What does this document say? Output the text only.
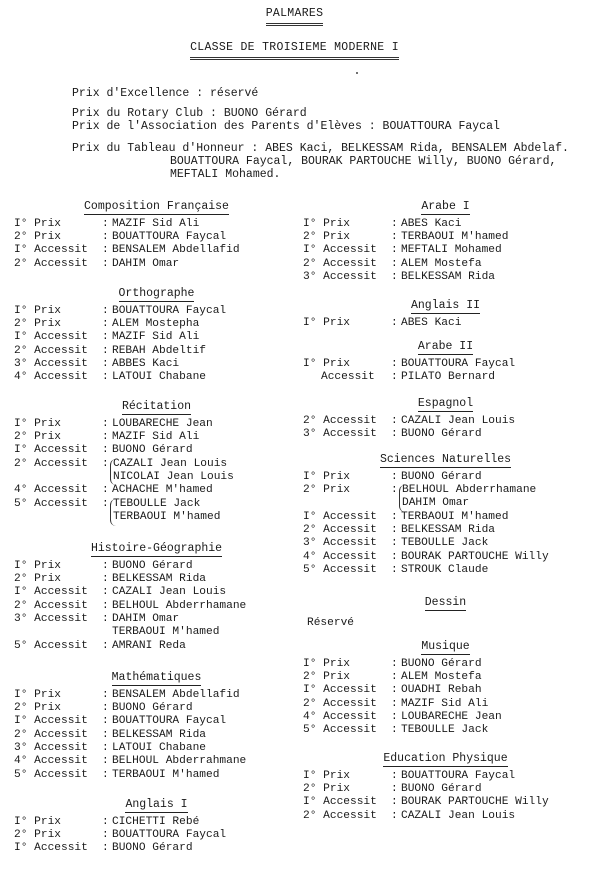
PALMARES
CLASSE DE TROISIEME MODERNE I
Prix d'Excellence : réservé
Prix du Rotary Club : BUONO Gérard
Prix de l'Association des Parents d'Elèves : BOUATTOURA Faycal
Prix du Tableau d'Honneur : ABES Kaci, BELKESSAM Rida, BENSALEM Abdelaf.
BOUATTOURA Faycal, BOURAK PARTOUCHE Willy, BUONO Gérard,
MEFTALI Mohamed.
Composition Française
I° Prix	: MAZIF Sid Ali
2° Prix	: BOUATTOURA Faycal
I° Accessit	: BENSALEM Abdellafid
2° Accessit	: DAHIM Omar
Orthographe
I° Prix	: BOUATTOURA Faycal
2° Prix	: ALEM Mostepha
I° Accessit	: MAZIF Sid Ali
2° Accessit	: REBAH Abdeltif
3° Accessit	: ABBES Kaci
4° Accessit	: LATOUI Chabane
Récitation
I° Prix	: LOUBARECHE Jean
2° Prix	: MAZIF Sid Ali
I° Accessit	: BUONO Gérard
2° Accessit	: CAZALI Jean Louis
NICOLAI Jean Louis
4° Accessit	: ACHACHE M'hamed
5° Accessit	: TEBOULLE Jack
TERBAOUI M'hamed
Histoire-Géographie
I° Prix	: BUONO Gérard
2° Prix	: BELKESSAM Rida
I° Accessit	: CAZALI Jean Louis
2° Accessit	: BELHOUL Abderrhamane
3° Accessit	: DAHIM Omar
TERBAOUI M'hamed
5° Accessit	: AMRANI Reda
Mathématiques
I° Prix	: BENSALEM Abdellafid
2° Prix	: BUONO Gérard
I° Accessit	: BOUATTOURA Faycal
2° Accessit	: BELKESSAM Rida
3° Accessit	: LATOUI Chabane
4° Accessit	: BELHOUL Abderrahmane
5° Accessit	: TERBAOUI M'hamed
Anglais I
I° Prix	: CICHETTI Rebé
2° Prix	: BOUATTOURA Faycal
I° Accessit	: BUONO Gérard
Arabe I
I° Prix	: ABES Kaci
2° Prix	: TERBAOUI M'hamed
I° Accessit	: MEFTALI Mohamed
2° Accessit	: ALEM Mostefa
3° Accessit	: BELKESSAM Rida
Anglais II
I° Prix	: ABES Kaci
Arabe II
I° Prix	: BOUATTOURA Faycal
Accessit	: PILATO Bernard
Espagnol
2° Accessit	: CAZALI Jean Louis
3° Accessit	: BUONO Gérard
Sciences Naturelles
I° Prix	: BUONO Gérard
2° Prix	: BELHOUL Abderrhamane
DAHIM Omar
I° Accessit	: TERBAOUI M'hamed
2° Accessit	: BELKESSAM Rida
3° Accessit	: TEBOULLE Jack
4° Accessit	: BOURAK PARTOUCHE Willy
5° Accessit	: STROUK Claude
Dessin
Réservé
Musique
I° Prix	: BUONO Gérard
2° Prix	: ALEM Mostefa
I° Accessit	: OUADHI Rebah
2° Accessit	: MAZIF Sid Ali
4° Accessit	: LOUBARECHE Jean
5° Accessit	: TEBOULLE Jack
Education Physique
I° Prix	: BOUATTOURA Faycal
2° Prix	: BUONO Gérard
I° Accessit	: BOURAK PARTOUCHE Willy
2° Accessit	: CAZALI Jean Louis
